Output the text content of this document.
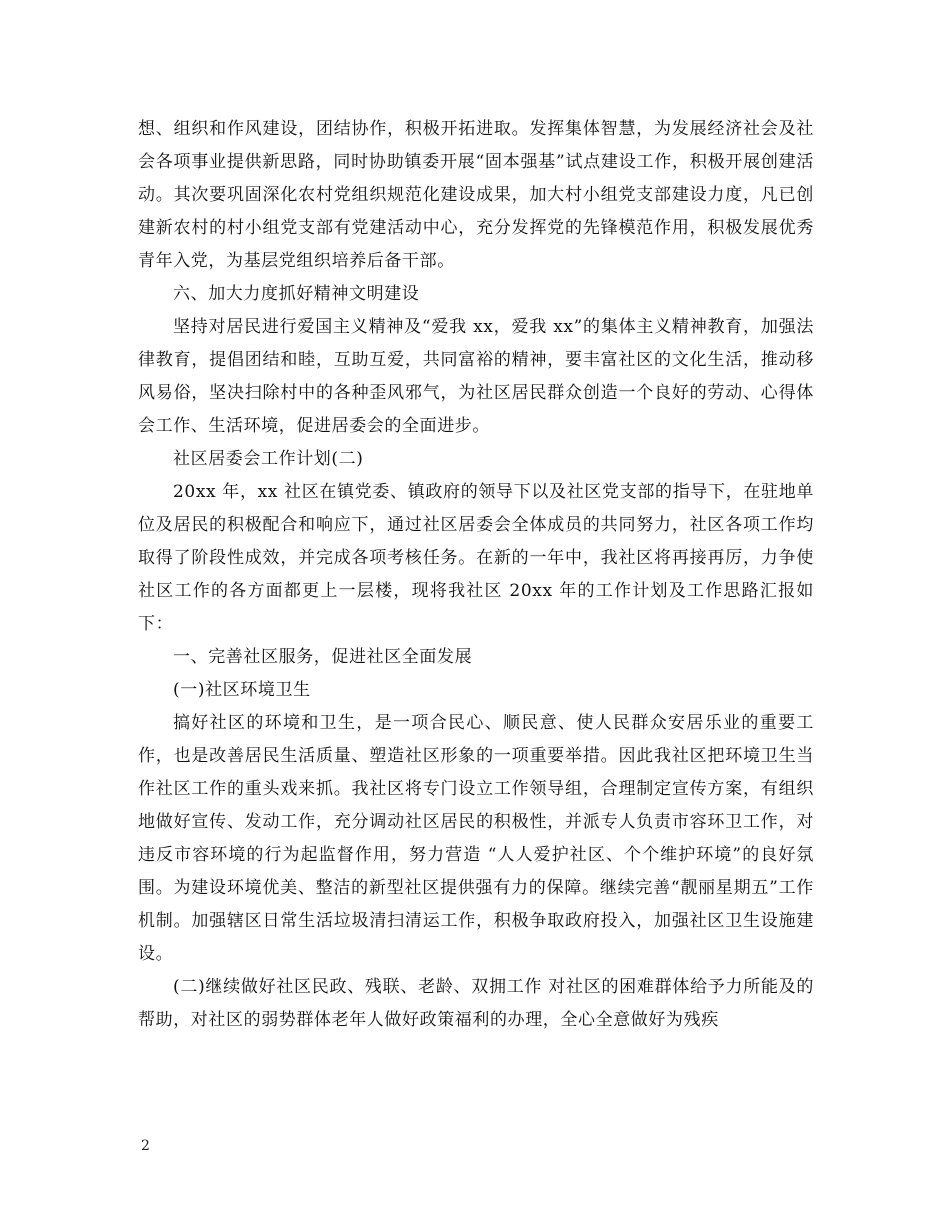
想、组织和作风建设，团结协作，积极开拓进取。发挥集体智慧，为发展经济社会及社会各项事业提供新思路，同时协助镇委开展“固本强基”试点建设工作，积极开展创建活动。其次要巩固深化农村党组织规范化建设成果，加大村小组党支部建设力度，凡已创建新农村的村小组党支部有党建活动中心，充分发挥党的先锋模范作用，积极发展优秀青年入党，为基层党组织培养后备干部。

六、加大力度抓好精神文明建设

坚持对居民进行爱国主义精神及“爱我 xx，爱我 xx”的集体主义精神教育，加强法律教育，提倡团结和睦，互助互爱，共同富裕的精神，要丰富社区的文化生活，推动移风易俗，坚决扫除村中的各种歪风邪气，为社区居民群众创造一个良好的劳动、心得体会工作、生活环境，促进居委会的全面进步。

社区居委会工作计划(二)

20xx 年，xx 社区在镇党委、镇政府的领导下以及社区党支部的指导下，在驻地单位及居民的积极配合和响应下，通过社区居委会全体成员的共同努力，社区各项工作均取得了阶段性成效，并完成各项考核任务。在新的一年中，我社区将再接再厉，力争使社区工作的各方面都更上一层楼，现将我社区 20xx 年的工作计划及工作思路汇报如下：

一、完善社区服务，促进社区全面发展

(一)社区环境卫生

搞好社区的环境和卫生，是一项合民心、顺民意、使人民群众安居乐业的重要工作，也是改善居民生活质量、塑造社区形象的一项重要举措。因此我社区把环境卫生当作社区工作的重头戏来抓。我社区将专门设立工作领导组，合理制定宣传方案，有组织地做好宣传、发动工作，充分调动社区居民的积极性，并派专人负责市容环卫工作，对违反市容环境的行为起监督作用，努力营造 “人人爱护社区、个个维护环境”的良好氛围。为建设环境优美、整洁的新型社区提供强有力的保障。继续完善“靓丽星期五”工作机制。加强辖区日常生活垃圾清扫清运工作，积极争取政府投入，加强社区卫生设施建设。

(二)继续做好社区民政、残联、老龄、双拥工作 对社区的困难群体给予力所能及的帮助，对社区的弱势群体老年人做好政策福利的办理，全心全意做好为残疾

2
